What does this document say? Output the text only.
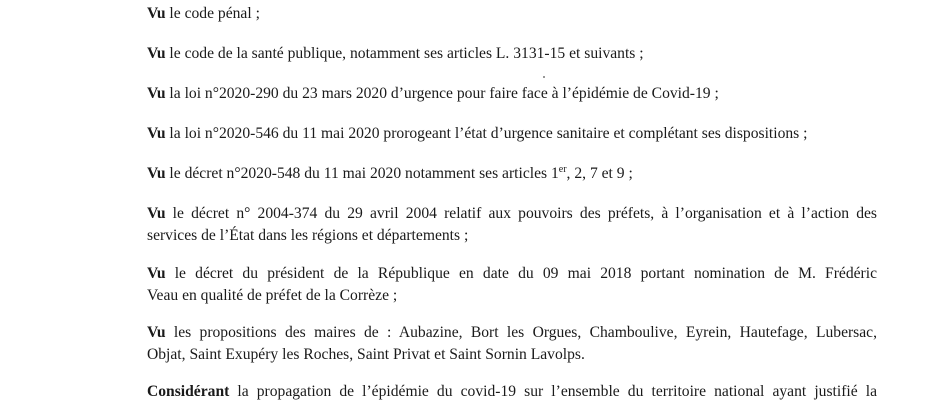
Vu le code pénal ;

Vu le code de la santé publique, notamment ses articles L. 3131-15 et suivants ;

Vu la loi n°2020-290 du 23 mars 2020 d’urgence pour faire face à l’épidémie de Covid-19 ;

Vu la loi n°2020-546 du 11 mai 2020 prorogeant l’état d’urgence sanitaire et complétant ses dispositions ;

Vu le décret n°2020-548 du 11 mai 2020 notamment ses articles 1er, 2, 7 et 9 ;

Vu le décret n° 2004-374 du 29 avril 2004 relatif aux pouvoirs des préfets, à l’organisation et à l’action des
services de l’État dans les régions et départements ;

Vu le décret du président de la République en date du 09 mai 2018 portant nomination de M. Frédéric
Veau en qualité de préfet de la Corrèze ;

Vu les propositions des maires de : Aubazine, Bort les Orgues, Chamboulive, Eyrein, Hautefage, Lubersac,
Objat, Saint Exupéry les Roches, Saint Privat et Saint Sornin Lavolps.

Considérant la propagation de l’épidémie du covid-19 sur l’ensemble du territoire national ayant justifié la
